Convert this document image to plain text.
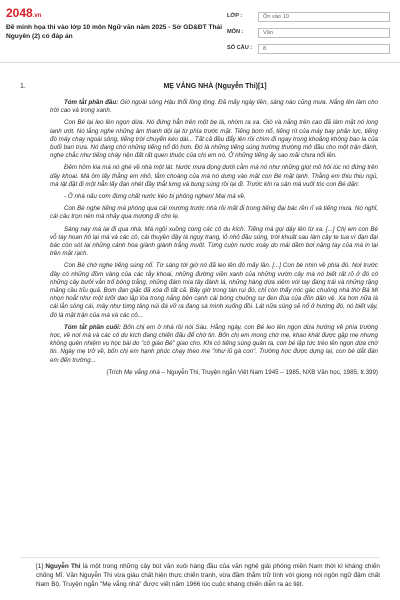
2048.vn
Đề minh họa thi vào lớp 10 môn Ngữ văn năm 2025 - Sở GD&ĐT Thái Nguyên (2) có đáp án
LỚP :	Ôn vào 10
MÔN :	Văn
SỐ CÂU :	8
1.	MẸ VẮNG NHÀ (Nguyễn Thi)[1]

Tóm tắt phần đầu: Gió ngoài sông Hậu thổi lồng lộng. Đã mấy ngày liền, sáng nào cũng mưa. Nắng lên làm cho trời cao và trong xanh.

Con Bé lại leo lên ngọn dừa. Nó đứng hẳn trên một bẹ lá, nhòm ra xa. Gió và nắng trên cao đã làm mặt nó long lanh ướt. Nó lắng nghe những âm thanh dội lại từ phía trước mặt. Tiếng bom nổ, tiếng rít của máy bay phản lực, tiếng đò máy chạy ngoài sông, tiếng trời chuyển kéo dài... Tất cả đều đẩy lên rồi chìm đi ngay trong khoảng không bao la của buổi ban trưa. Nó đang chờ những tiếng nổ đó hơn. Đó là những tiếng súng trường thường mở đầu cho một trận đánh, nghe chắc như tiếng cháy nện đất rất quen thuộc của chị em nó. Ở những tiếng ấy sao mãi chưa nổi lên.

Đêm hôm kia má nó ghé về nhà một lát. Nước mưa đọng dưới cằm má nó như những giọt mồ hôi lúc nó đứng trên dãy khoai. Má ôm lấy thằng em nhỏ, tắm choàng của má nó dưng vào mặt con Bé mặt lạnh. Thằng em thiu thiu ngủ, má lật đặt đi một hẳn lấy đạn nhét đầy thắt lưng và bung súng rồi lại đi. Trước khi ra sân má vuốt tóc con Bé dặn:

- Ở nhà nấu cơm đừng chất nước kéo bị phỏng nghen! Mai má về.

Con Bé nghe tiếng má phóng qua cái mương trước nhà rồi mất đi trong tiếng đại bác rền rĩ và tiếng mưa. Nó nghĩ, cái câu trọn nén mà nhảy qua mương đi cho lẹ.

Sáng nay má lại đi qua nhà. Má ngồi xuồng cùng các cô du kích. Tiếng má gọi dậy lên từ xa. [...] Chị em con Bé vỗ tay hoan hô lại má và các cô, cái thuyền đậy lá ngụy trang, lỏ nhỏ đầu súng, trời khuất sau làm cây te tua vì đạn đại bác còn sót lại những cánh hoa giành giành trắng muốt. Từng cuộn nước xoáy do mái dầm bơi nặng tay của má in lại trên mặt rạch.

Con Bé chờ nghe tiếng súng nổ. Từ sáng tới giờ nó đã leo lên đó mấy lần. [...] Con bé nhìn về phía đó. Nơi trước đây có những đồm vàng của các rẫy khoai, những đường viền xanh của những vườn cây mà nó biết rất rõ ở đó có những cây bưởi vẫn trổ bông trắng, những đám mía tây đánh lá, những hàng dừa xiêm với tay đang trái và những rặng mãng cầu trĩu quả. Bom đạn giặc đã xóa đi tất cả. Bây giờ trong tàn rụi đó, chỉ còn thấy nóc gác chuông nhà thờ Bà Mi nhọn hoắt như một lưỡi dao lặp lòa trong nắng bên cạnh cái bóng chuông sự đen đùa của đồn dân vệ. Xa hơn nữa là cái lằn sông cái, mây như từng tảng núi đá vỡ ra đang sà mình xuống đồi. Lát nữa súng sẽ nổ ở hướng đó, nó biết vậy, đó là mặt trận của má và các cô...

Tóm tắt phần cuối: Bốn chị em ở nhà rồi nói Sáu. Hằng ngày, con Bé leo lên ngọn dừa hướng về phía trường học, về nơi má và các cô du kích đang chiến đấu để chờ tin. Bốn chị em mong chờ mẹ, khao khát được gặp mẹ nhưng không quên nhiệm vụ học bài do "cô giáo Bé" giao cho. Khi có tiếng súng quân ta, con bé lập tức trèo lên ngọn dừa chờ tin. Ngày mẹ trở về, bốn chị em hạnh phúc chạy theo mẹ "như lũ gà con". Trường học được dựng lại, con bé dắt đàn em đến trường...

(Trích Mẹ vắng nhà – Nguyễn Thi, Truyện ngắn Việt Nam 1945 – 1985, NXB Văn học, 1985, tr.399)

[1] Nguyễn Thi là một trong những cây bút văn xuôi hàng đầu của văn nghệ giải phóng miền Nam thời kì kháng chiến chống Mĩ. Văn Nguyễn Thi vừa giàu chất hiện thực chiến tranh, vừa đầm thắm trữ tình với giọng nói ngôn ngữ đậm chất Nam Bộ. Truyện ngắn "Mẹ vắng nhà" được viết năm 1966 lúc cuộc kháng chiến diễn ra ác liệt.
